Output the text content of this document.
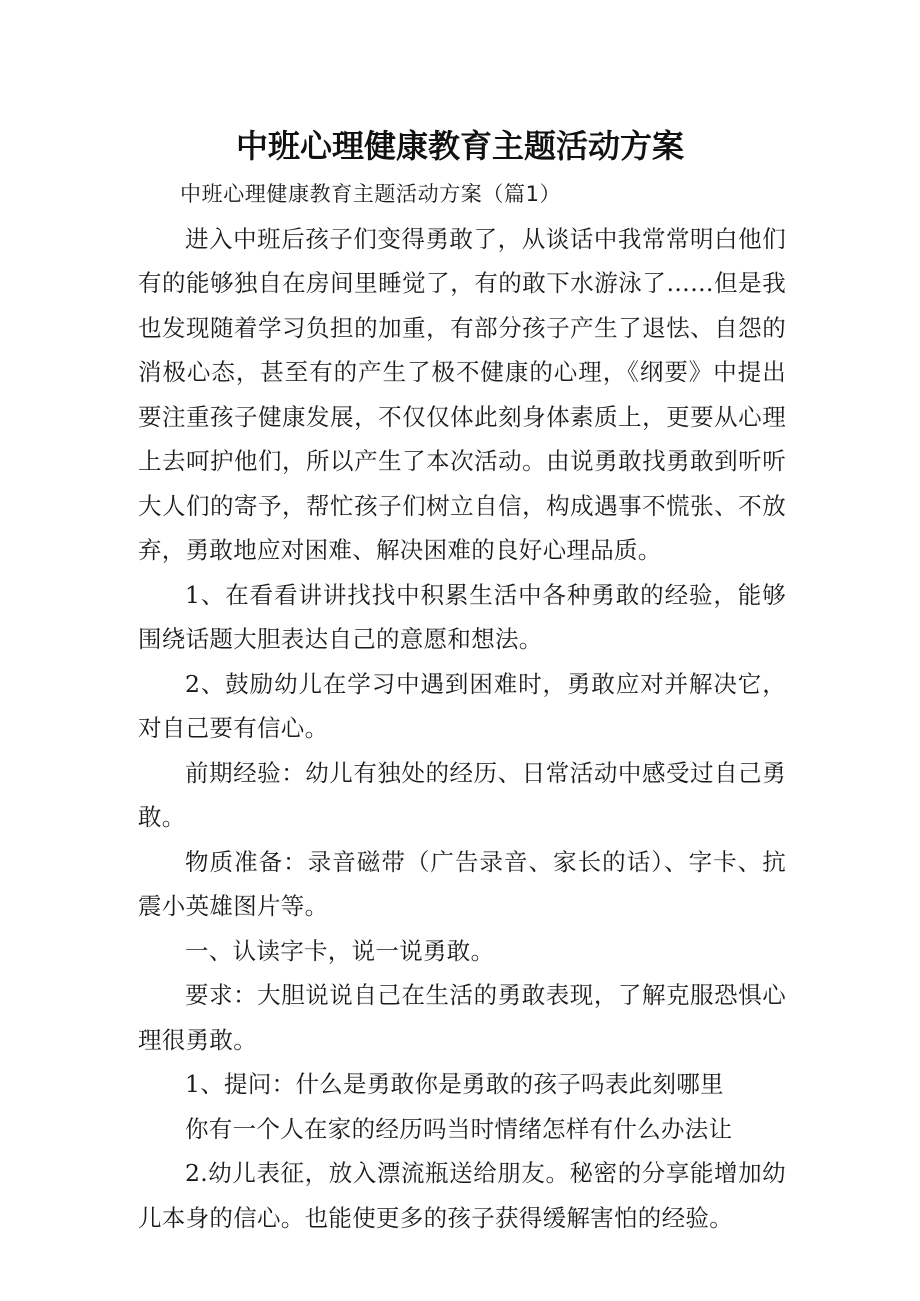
中班心理健康教育主题活动方案

中班心理健康教育主题活动方案（篇1）

进入中班后孩子们变得勇敢了，从谈话中我常常明白他们有的能够独自在房间里睡觉了，有的敢下水游泳了……但是我也发现随着学习负担的加重，有部分孩子产生了退怯、自怨的消极心态，甚至有的产生了极不健康的心理，《纲要》中提出要注重孩子健康发展，不仅仅体此刻身体素质上，更要从心理上去呵护他们，所以产生了本次活动。由说勇敢找勇敢到听听大人们的寄予，帮忙孩子们树立自信，构成遇事不慌张、不放弃，勇敢地应对困难、解决困难的良好心理品质。

1、在看看讲讲找找中积累生活中各种勇敢的经验，能够围绕话题大胆表达自己的意愿和想法。

2、鼓励幼儿在学习中遇到困难时，勇敢应对并解决它，对自己要有信心。

前期经验：幼儿有独处的经历、日常活动中感受过自己勇敢。

物质准备：录音磁带（广告录音、家长的话）、字卡、抗震小英雄图片等。

一、认读字卡，说一说勇敢。

要求：大胆说说自己在生活的勇敢表现，了解克服恐惧心理很勇敢。

1、提问：什么是勇敢你是勇敢的孩子吗表此刻哪里

你有一个人在家的经历吗当时情绪怎样有什么办法让

2.幼儿表征，放入漂流瓶送给朋友。秘密的分享能增加幼儿本身的信心。也能使更多的孩子获得缓解害怕的经验。
